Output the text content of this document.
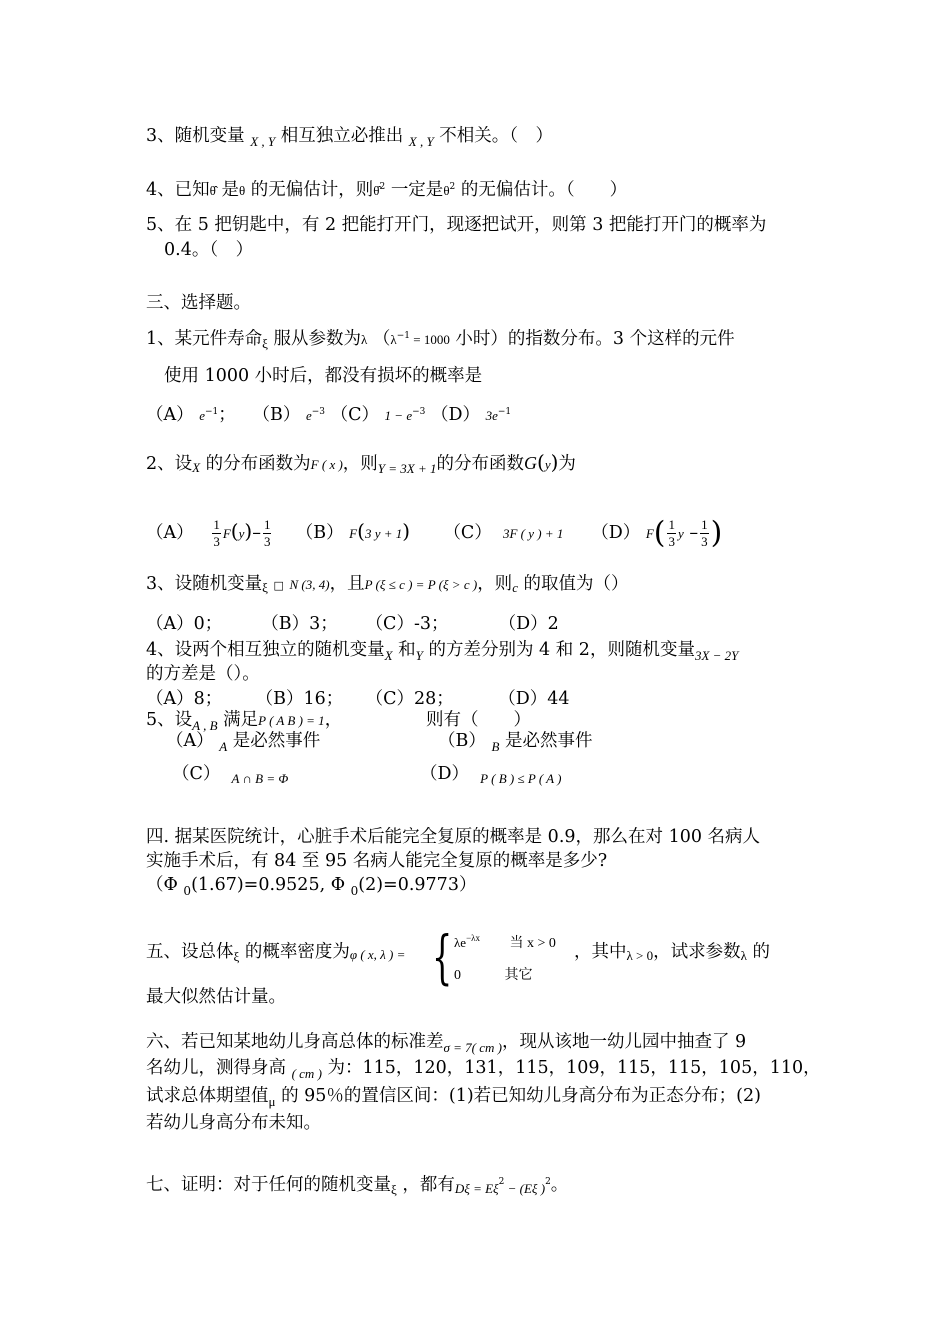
3、随机变量 $_{X , Y}$ 相互独立必推出 $_{X , Y}$ 不相关。（　）
4、已知θ̂ 是θ 的无偏估计，则θ̂$^2$ 一定是$\theta^2$ 的无偏估计。（　　）
5、在 5 把钥匙中，有 2 把能打开门，现逐把试开，则第 3 把能打开门的概率为
0.4。（　）
三、选择题。
1、某元件寿命$_\xi$ 服从参数为λ （$\lambda^{-1} = 1000$ 小时）的指数分布。3 个这样的元件
使用 1000 小时后，都没有损坏的概率是
（A） $e^{-1}$； （B） $e^{-3}$ （C） $1 - e^{-3}$ （D） $3e^{-1}$
2、设X 的分布函数为F ( x )，则$_{Y = 3X + 1}$的分布函数G(y)为
$(A) \frac{1}{3} F(y)- \frac{1}{3} (B)$ F(3 y + 1) （C） 3F ( y ) + 1 （D） $F( \frac{1}{3}$ y – $\frac{1}{3}$ )
3、设随机变量ξ □ N (3, 4)，且P (ξ ≤ c ) = P (ξ > c )，则c 的取值为（）
（A）0； （B）3； （C）-3；	（D）2
4、设两个相互独立的随机变量$_X$ 和$_Y$ 的方差分别为 4 和 2，则随机变量$_{3X - 2Y}$
的方差是（）。
（A）8； （B）16； （C）28；	（D）44
5、设$_{A , B}$ 满足P ( A B ) = 1，	则有（　　）
（A） $_A$ 是必然事件	（B） $_B$ 是必然事件
（C） $_{A \cap B = \Phi}$	（D） $_{P ( B ) \le P ( A )}$
四. 据某医院统计，心脏手术后能完全复原的概率是 0.9，那么在对 100 名病人
实施手术后，有 84 至 95 名病人能完全复原的概率是多少?
（Φ $_0$(1.67)=0.9525, Φ $_0$(2)=0.9773）
五、设总体$_\xi$ 的概率密度为φ ( x, λ ) = { $\lambda e^{-\lambda x}$ 当 x > 0
0	其它
，其中λ > 0，试求参数λ 的
最大似然估计量。
六、若已知某地幼儿身高总体的标准差$_{\sigma = 7( cm )}$，现从该地一幼儿园中抽查了 9
名幼儿，测得身高 $_{( cm )}$ 为：115，120，131，115，109，115，115，105，110，
试求总体期望值$_\mu$ 的 95％的置信区间：(1)若已知幼儿身高分布为正态分布；(2)
若幼儿身高分布未知。
七、证明：对于任何的随机变量$_\xi$ ，都有$D\xi = E\xi^2 - (E\xi$ )$^2$。
